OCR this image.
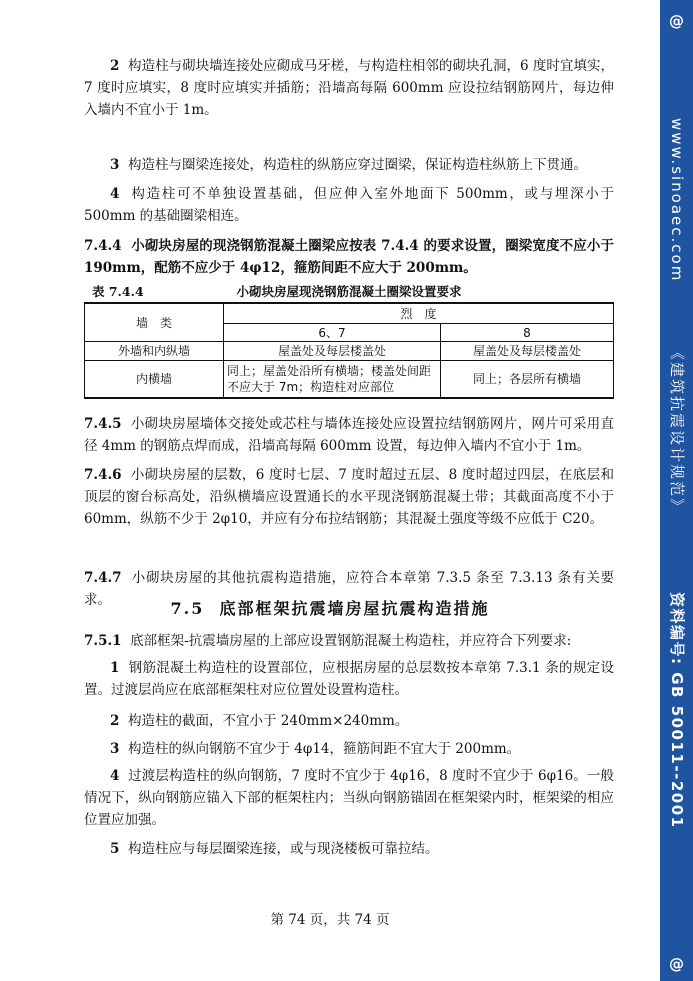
2 构造柱与砌块墙连接处应砌成马牙槎，与构造柱相邻的砌块孔洞，6 度时宜填实，7 度时应填实，8 度时应填实并插筋；沿墙高每隔 600mm 应设拉结钢筋网片，每边伸入墙内不宜小于 1m。
3 构造柱与圈梁连接处，构造柱的纵筋应穿过圈梁，保证构造柱纵筋上下贯通。
4 构造柱可不单独设置基础，但应伸入室外地面下 500mm，或与埋深小于 500mm 的基础圈梁相连。
7.4.4 小砌块房屋的现浇钢筋混凝土圈梁应按表 7.4.4 的要求设置，圈梁宽度不应小于 190mm，配筋不应少于 4φ12，箍筋间距不应大于 200mm。
表 7.4.4	小砌块房屋现浇钢筋混凝土圈梁设置要求
墙　类	烈　度	
	6、7	8
外墙和内纵墙	屋盖处及每层楼盖处	屋盖处及每层楼盖处
内横墙	同上；屋盖处沿所有横墙；楼盖处间距不应大于 7m；构造柱对应部位	同上；各层所有横墙
7.4.5 小砌块房屋墙体交接处或芯柱与墙体连接处应设置拉结钢筋网片，网片可采用直径 4mm 的钢筋点焊而成，沿墙高每隔 600mm 设置，每边伸入墙内不宜小于 1m。
7.4.6 小砌块房屋的层数，6 度时七层、7 度时超过五层、8 度时超过四层，在底层和顶层的窗台标高处，沿纵横墙应设置通长的水平现浇钢筋混凝土带；其截面高度不小于 60mm，纵筋不少于 2φ10，并应有分布拉结钢筋；其混凝土强度等级不应低于 C20。
7.4.7 小砌块房屋的其他抗震构造措施，应符合本章第 7.3.5 条至 7.3.13 条有关要求。	7.5 底部框架抗震墙房屋抗震构造措施
7.5.1 底部框架-抗震墙房屋的上部应设置钢筋混凝土构造柱，并应符合下列要求:
1 钢筋混凝土构造柱的设置部位，应根据房屋的总层数按本章第 7.3.1 条的规定设置。过渡层尚应在底部框架柱对应位置处设置构造柱。
2 构造柱的截面，不宜小于 240mm×240mm。
3 构造柱的纵向钢筋不宜少于 4φ14，箍筋间距不宜大于 200mm。
4 过渡层构造柱的纵向钢筋，7 度时不宜少于 4φ16，8 度时不宜少于 6φ16。一般情况下，纵向钢筋应锚入下部的框架柱内；当纵向钢筋锚固在框架梁内时，框架梁的相应位置应加强。
5 构造柱应与每层圈梁连接，或与现浇楼板可靠拉结。
第 74 页，共 74 页
@
www.sinoaec.com
《建筑抗震设计规范》
资料编号: GB 50011--2001
@
